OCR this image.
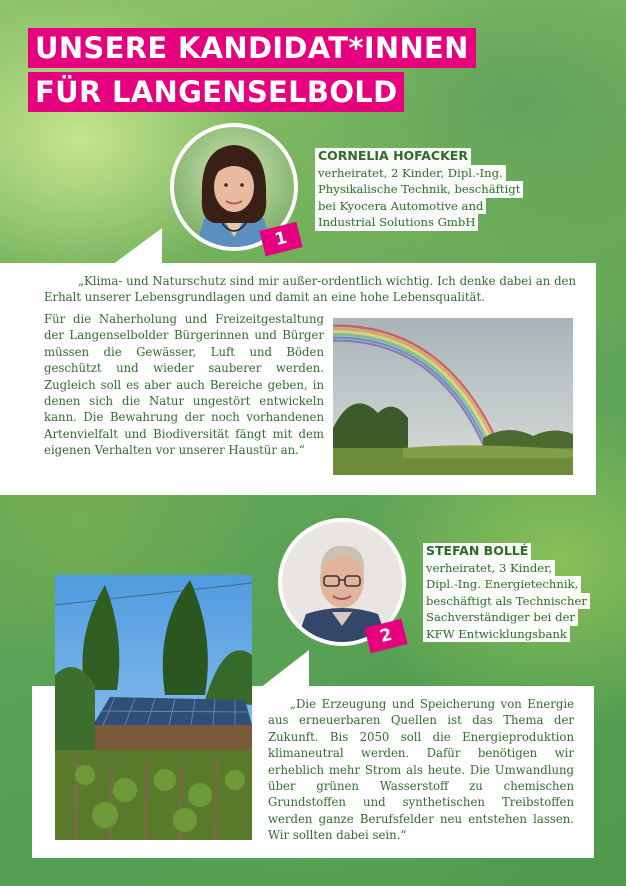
UNSERE KANDIDAT*INNEN
FÜR LANGENSELBOLD
1
CORNELIA HOFACKER
verheiratet, 2 Kinder, Dipl.-Ing.
Physikalische Technik, beschäftigt
bei Kyocera Automotive and
Industrial Solutions GmbH
„Klima- und Naturschutz sind mir außer-ordentlich wichtig. Ich denke dabei an den Erhalt unserer Lebensgrundlagen und damit an eine hohe Lebensqualität.
Für die Naherholung und Freizeitgestaltung der Langenselbolder Bürgerinnen und Bürger müssen die Gewässer, Luft und Böden geschützt und wieder sauberer werden. Zugleich soll es aber auch Bereiche geben, in denen sich die Natur ungestört entwickeln kann. Die Bewahrung der noch vorhandenen Artenvielfalt und Biodiversität fängt mit dem eigenen Verhalten vor unserer Haustür an.“
2
STEFAN BOLLÉ
verheiratet, 3 Kinder,
Dipl.-Ing. Energietechnik,
beschäftigt als Technischer
Sachverständiger bei der
KFW Entwicklungsbank
„Die Erzeugung und Speicherung von Energie aus erneuerbaren Quellen ist das Thema der Zukunft. Bis 2050 soll die Energieproduktion klimaneutral werden. Dafür benötigen wir erheblich mehr Strom als heute. Die Umwandlung über grünen Wasserstoff zu chemischen Grundstoffen und synthetischen Treibstoffen werden ganze Berufsfelder neu entstehen lassen. Wir sollten dabei sein.“
